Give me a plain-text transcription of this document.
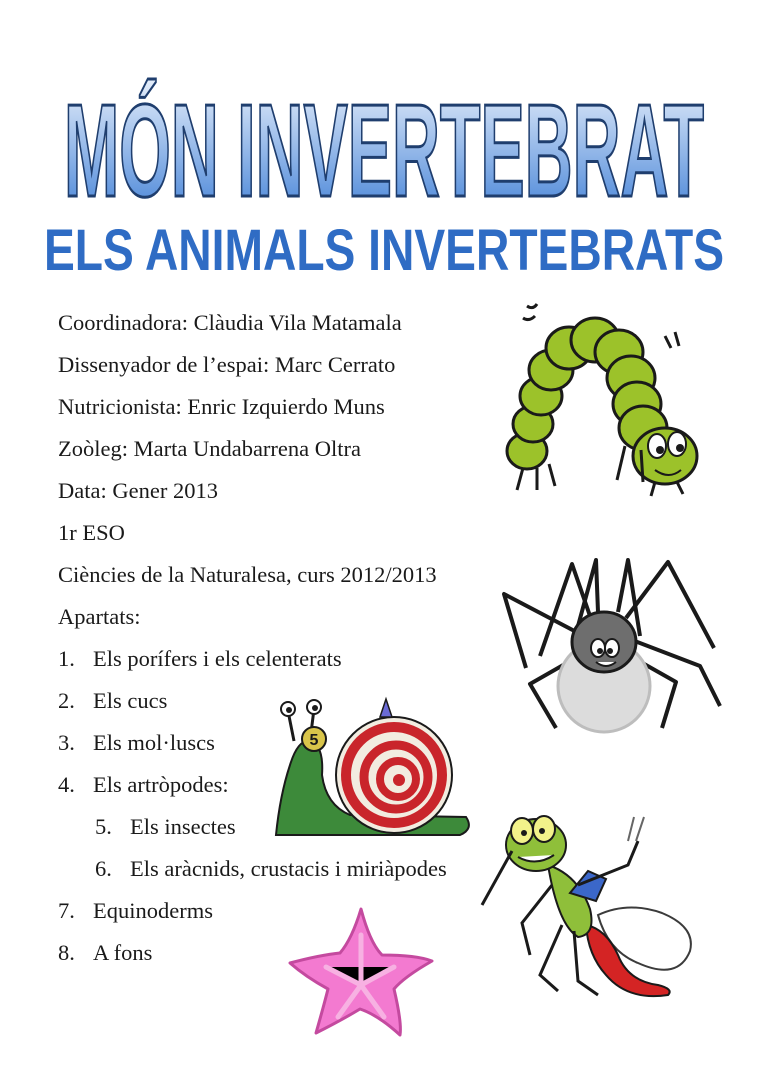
MÓN INVERTEBRAT
ELS ANIMALS INVERTEBRATS
Coordinadora: Clàudia Vila Matamala
Dissenyador de l’espai: Marc Cerrato
Nutricionista: Enric Izquierdo Muns
Zoòleg: Marta Undabarrena Oltra
Data: Gener 2013
1r ESO
Ciències de la Naturalesa, curs 2012/2013
Apartats:
1. Els porífers i els celenterats
2. Els cucs
3. Els mol·luscs
4. Els artròpodes:
5. Els insectes
6. Els aràcnids, crustacis i miriàpodes
7. Equinoderms
8. A fons
5
